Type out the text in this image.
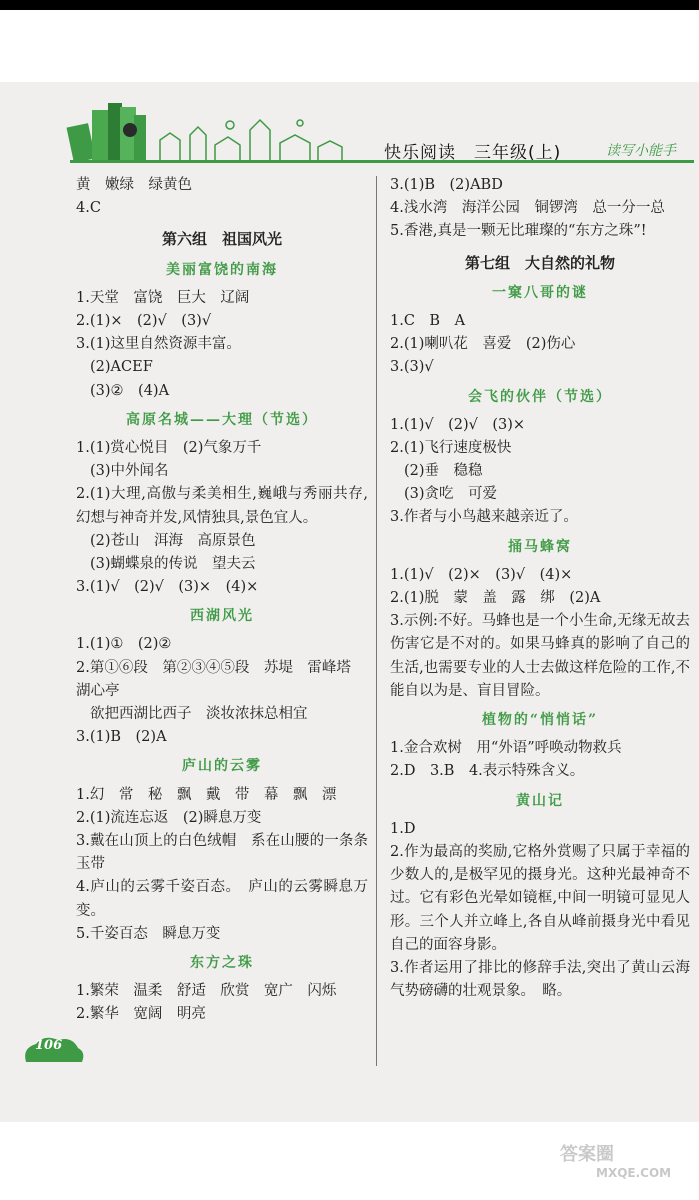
快乐阅读　三年级(上)	读写小能手
黄　嫩绿　绿黄色
4.C
第六组　祖国风光
美丽富饶的南海
1.天堂　富饶　巨大　辽阔
2.(1)×　(2)√　(3)√
3.(1)这里自然资源丰富。
(2)ACEF
(3)②　(4)A
高原名城——大理（节选）
1.(1)赏心悦目　(2)气象万千
(3)中外闻名
2.(1)大理,高傲与柔美相生,巍峨与秀丽共存,幻想与神奇并发,风情独具,景色宜人。
(2)苍山　洱海　高原景色
(3)蝴蝶泉的传说　望夫云
3.(1)√　(2)√　(3)×　(4)×
西湖风光
1.(1)①　(2)②
2.第①⑥段　第②③④⑤段　苏堤　雷峰塔
湖心亭
欲把西湖比西子　淡妆浓抹总相宜
3.(1)B　(2)A
庐山的云雾
1.幻　常　秘　飘　戴　带　幕　飘　漂
2.(1)流连忘返　(2)瞬息万变
3.戴在山顶上的白色绒帽　系在山腰的一条条玉带
4.庐山的云雾千姿百态。　庐山的云雾瞬息万变。
5.千姿百态　瞬息万变
东方之珠
1.繁荣　温柔　舒适　欣赏　宽广　闪烁
2.繁华　宽阔　明亮
3.(1)B　(2)ABD
4.浅水湾　海洋公园　铜锣湾　总一分一总
5.香港,真是一颗无比璀璨的“东方之珠”!
第七组　大自然的礼物
一窠八哥的谜
1.C　B　A
2.(1)喇叭花　喜爱　(2)伤心
3.(3)√
会飞的伙伴（节选）
1.(1)√　(2)√　(3)×
2.(1)飞行速度极快
(2)垂　稳稳
(3)贪吃　可爱
3.作者与小鸟越来越亲近了。
捅马蜂窝
1.(1)√　(2)×　(3)√　(4)×
2.(1)脱　蒙　盖　露　绑　(2)A
3.示例:不好。马蜂也是一个小生命,无缘无故去伤害它是不对的。如果马蜂真的影响了自己的生活,也需要专业的人士去做这样危险的工作,不能自以为是、盲目冒险。
植物的“悄悄话”
1.金合欢树　用“外语”呼唤动物救兵
2.D　3.B　4.表示特殊含义。
黄山记
1.D
2.作为最高的奖励,它格外赏赐了只属于幸福的少数人的,是极罕见的摄身光。这种光最神奇不过。它有彩色光晕如镜框,中间一明镜可显见人形。三个人并立峰上,各自从峰前摄身光中看见自己的面容身影。
3.作者运用了排比的修辞手法,突出了黄山云海气势磅礴的壮观景象。　略。
106
答案圈
MXQE.COM
